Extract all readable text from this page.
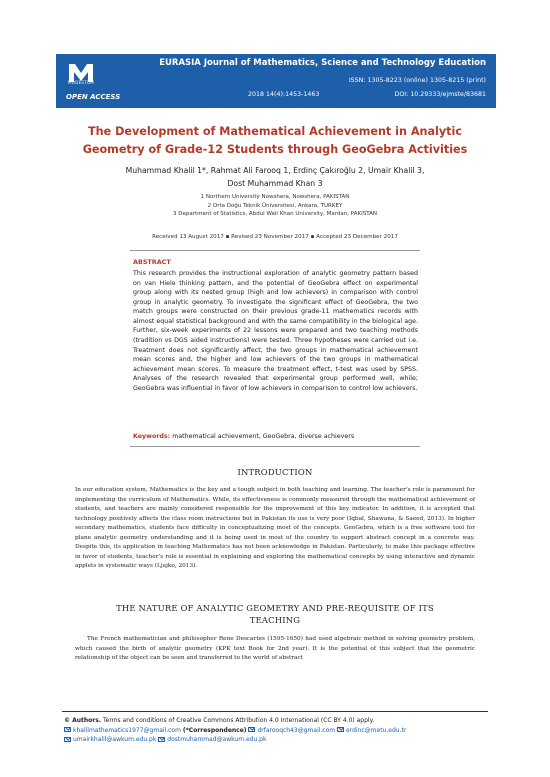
MODESTUM
OPEN ACCESS
EURASIA Journal of Mathematics, Science and Technology Education
ISSN: 1305-8223 (online) 1305-8215 (print)
2018 14(4):1453-1463	DOI: 10.29333/ejmste/83681
The Development of Mathematical Achievement in Analytic
Geometry of Grade-12 Students through GeoGebra Activities
Muhammad Khalil 1*, Rahmat Ali Farooq 1, Erdinç Çakıroğlu 2, Umair Khalil 3,
Dost Muhammad Khan 3
1 Northern University Nowshera, Nowshera, PAKISTAN
2 Orta Doğu Teknik Üniversitesi, Ankara, TURKEY
3 Department of Statistics, Abdul Wali Khan University, Mardan, PAKISTAN
Received 13 August 2017 ▪ Revised 23 November 2017 ▪ Accepted 23 December 2017
ABSTRACT
This research provides the instructional exploration of analytic geometry pattern based on van Hiele thinking pattern, and the potential of GeoGebra effect on experimental group along with its nested group (high and low achievers) in comparison with control group in analytic geometry. To investigate the significant effect of GeoGebra, the two match groups were constructed on their previous grade-11 mathematics records with almost equal statistical background and with the same compatibility in the biological age. Further, six-week experiments of 22 lessons were prepared and two teaching methods (tradition vs DGS aided instructions) were tested. Three hypotheses were carried out i.e. Treatment does not significantly affect, the two groups in mathematical achievement mean scores and, the higher and low achievers of the two groups in mathematical achievement mean scores. To measure the treatment effect, t-test was used by SPSS. Analyses of the research revealed that experimental group performed well, while; GeoGebra was influential in favor of low achievers in comparison to control low achievers.
Keywords: mathematical achievement, GeoGebra, diverse achievers
INTRODUCTION
In our education system, Mathematics is the key and a tough subject in both teaching and learning. The teacher’s role is paramount for implementing the curriculum of Mathematics. While, its effectiveness is commonly measured through the mathematical achievement of students, and teachers are mainly considered responsible for the improvement of this key indicator. In addition, it is accepted that technology positively affects the class room instructions but in Pakistan its use is very poor (Iqbal, Shawana, & Saeed, 2013). In higher secondary mathematics, students face difficulty in conceptualizing most of the concepts. GeoGebra, which is a free software tool for plane analytic geometry understanding and it is being used in most of the country to support abstract concept in a concrete way. Despite this, its application in teaching Mathematics has not been acknowledge in Pakistan. Particularly, to make this package effective in favor of students, teacher’s role is essential in explaining and exploring the mathematical concepts by using interactive and dynamic applets in systematic ways (Ljajko, 2013).
THE NATURE OF ANALYTIC GEOMETRY AND PRE-REQUISITE OF ITS
TEACHING
The French mathematician and philosopher Rene Descartes (1595-1650) had used algebraic method in solving geometry problem, which caused the birth of analytic geometry (KPK text Book for 2nd year). It is the potential of this subject that the geometric relationship of the object can be seen and transferred to the world of abstract
© Authors. Terms and conditions of Creative Commons Attribution 4.0 International (CC BY 4.0) apply.
khalilmathematics1977@gmail.com (*Correspondence) drfarooqch43@gmail.com erdinc@metu.edu.tr
umairkhalil@awkum.edu.pk dostmuhammad@awkum.edu.pk
